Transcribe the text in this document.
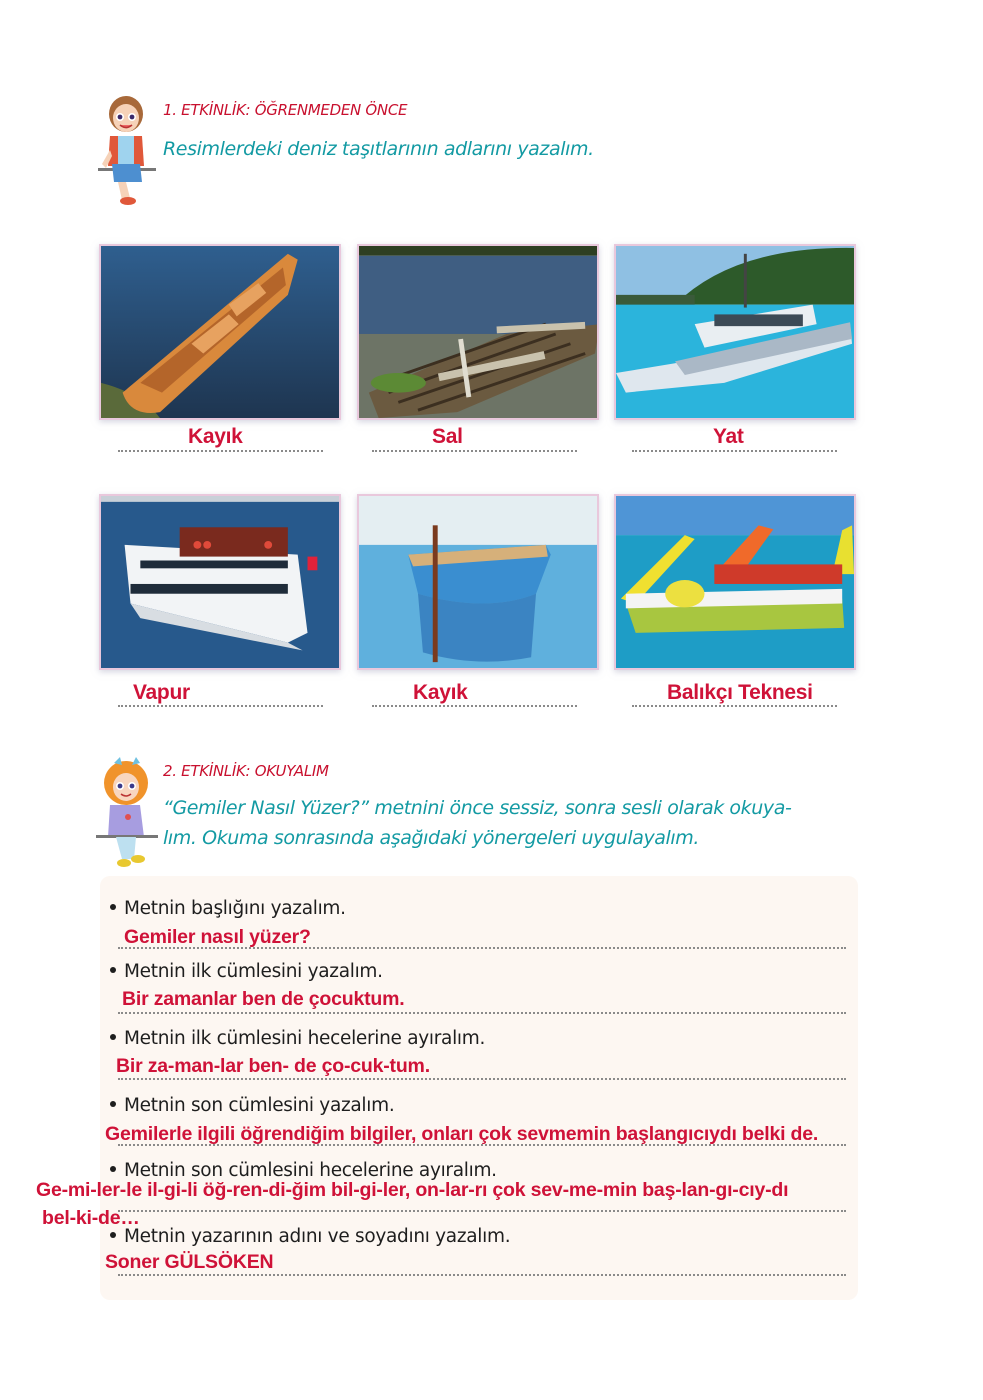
1. ETKİNLİK: ÖĞRENMEDEN ÖNCE
Resimlerdeki deniz taşıtlarının adlarını yazalım.
Kayık	Sal	Yat
Vapur	Kayık	Balıkçı Teknesi
2. ETKİNLİK: OKUYALIM
“Gemiler Nasıl Yüzer?” metnini önce sessiz, sonra sesli olarak okuya-
lım. Okuma sonrasında aşağıdaki yönergeleri uygulayalım.
Metnin başlığını yazalım.
Gemiler nasıl yüzer?
Metnin ilk cümlesini yazalım.
Bir zamanlar ben de çocuktum.
Metnin ilk cümlesini hecelerine ayıralım.
Bir za-man-lar ben- de ço-cuk-tum.
Metnin son cümlesini yazalım.
Gemilerle ilgili öğrendiğim bilgiler, onları çok sevmemin başlangıcıydı belki de.
Metnin son cümlesini hecelerine ayıralım.
Ge-mi-ler-le il-gi-li öğ-ren-di-ğim bil-gi-ler, on-lar-rı çok sev-me-min baş-lan-gı-cıy-dı
bel-ki-de…
Metnin yazarının adını ve soyadını yazalım.
Soner GÜLSÖKEN
